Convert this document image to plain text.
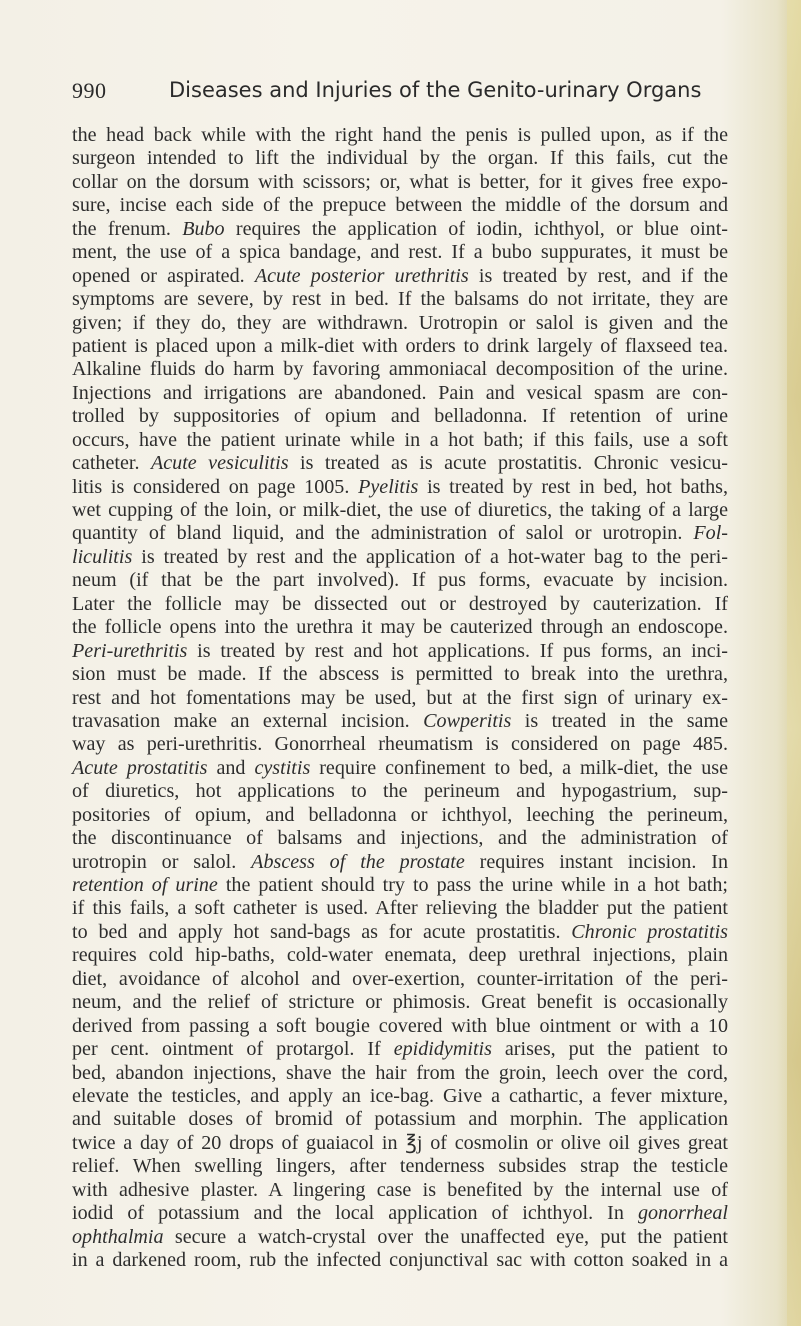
990	Diseases and Injuries of the Genito-urinary Organs
the head back while with the right hand the penis is pulled upon, as if the
surgeon intended to lift the individual by the organ. If this fails, cut the
collar on the dorsum with scissors; or, what is better, for it gives free expo-
sure, incise each side of the prepuce between the middle of the dorsum and
the frenum. Bubo requires the application of iodin, ichthyol, or blue oint-
ment, the use of a spica bandage, and rest. If a bubo suppurates, it must be
opened or aspirated. Acute posterior urethritis is treated by rest, and if the
symptoms are severe, by rest in bed. If the balsams do not irritate, they are
given; if they do, they are withdrawn. Urotropin or salol is given and the
patient is placed upon a milk-diet with orders to drink largely of flaxseed tea.
Alkaline fluids do harm by favoring ammoniacal decomposition of the urine.
Injections and irrigations are abandoned. Pain and vesical spasm are con-
trolled by suppositories of opium and belladonna. If retention of urine
occurs, have the patient urinate while in a hot bath; if this fails, use a soft
catheter. Acute vesiculitis is treated as is acute prostatitis. Chronic vesicu-
litis is considered on page 1005. Pyelitis is treated by rest in bed, hot baths,
wet cupping of the loin, or milk-diet, the use of diuretics, the taking of a large
quantity of bland liquid, and the administration of salol or urotropin. Fol-
liculitis is treated by rest and the application of a hot-water bag to the peri-
neum (if that be the part involved). If pus forms, evacuate by incision.
Later the follicle may be dissected out or destroyed by cauterization. If
the follicle opens into the urethra it may be cauterized through an endoscope.
Peri-urethritis is treated by rest and hot applications. If pus forms, an inci-
sion must be made. If the abscess is permitted to break into the urethra,
rest and hot fomentations may be used, but at the first sign of urinary ex-
travasation make an external incision. Cowperitis is treated in the same
way as peri-urethritis. Gonorrheal rheumatism is considered on page 485.
Acute prostatitis and cystitis require confinement to bed, a milk-diet, the use
of diuretics, hot applications to the perineum and hypogastrium, sup-
positories of opium, and belladonna or ichthyol, leeching the perineum,
the discontinuance of balsams and injections, and the administration of
urotropin or salol. Abscess of the prostate requires instant incision. In
retention of urine the patient should try to pass the urine while in a hot bath;
if this fails, a soft catheter is used. After relieving the bladder put the patient
to bed and apply hot sand-bags as for acute prostatitis. Chronic prostatitis
requires cold hip-baths, cold-water enemata, deep urethral injections, plain
diet, avoidance of alcohol and over-exertion, counter-irritation of the peri-
neum, and the relief of stricture or phimosis. Great benefit is occasionally
derived from passing a soft bougie covered with blue ointment or with a 10
per cent. ointment of protargol. If epididymitis arises, put the patient to
bed, abandon injections, shave the hair from the groin, leech over the cord,
elevate the testicles, and apply an ice-bag. Give a cathartic, a fever mixture,
and suitable doses of bromid of potassium and morphin. The application
twice a day of 20 drops of guaiacol in ℥j of cosmolin or olive oil gives great
relief. When swelling lingers, after tenderness subsides strap the testicle
with adhesive plaster. A lingering case is benefited by the internal use of
iodid of potassium and the local application of ichthyol. In gonorrheal
ophthalmia secure a watch-crystal over the unaffected eye, put the patient
in a darkened room, rub the infected conjunctival sac with cotton soaked in a
